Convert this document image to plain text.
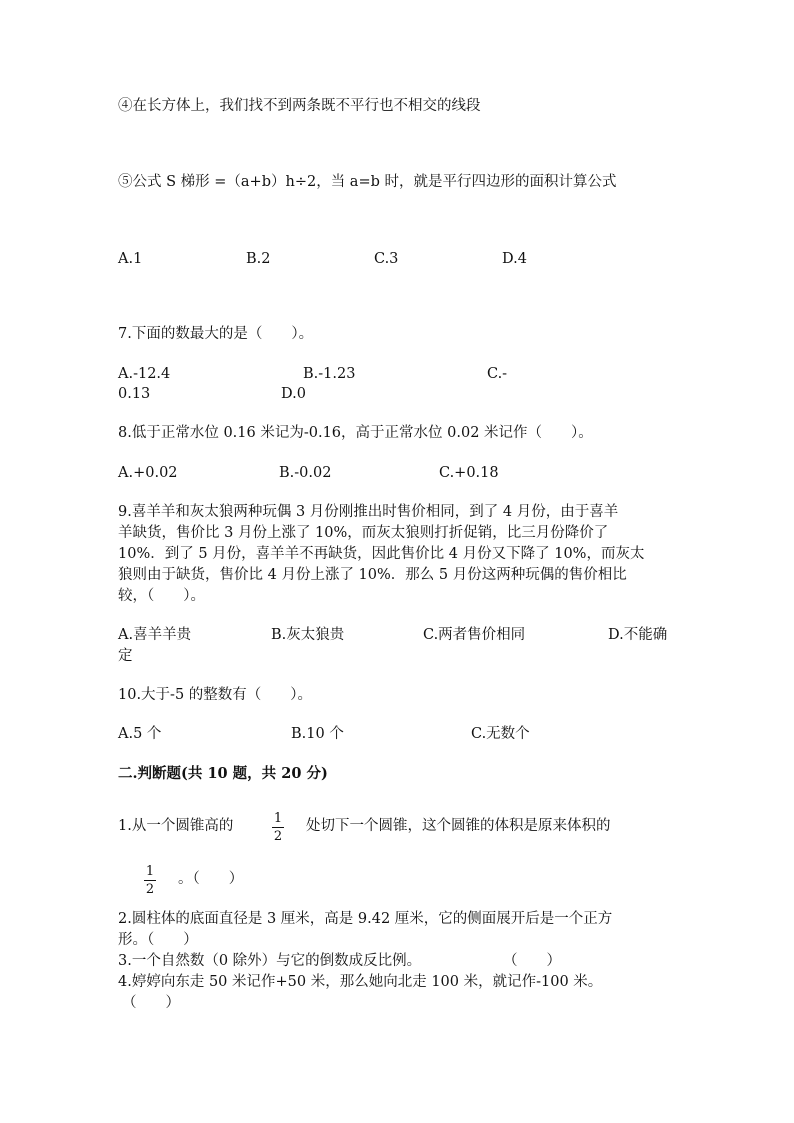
④在长方体上，我们找不到两条既不平行也不相交的线段
⑤公式 S 梯形 =（a+b）h÷2，当 a=b 时，就是平行四边形的面积计算公式
A.1	B.2	C.3	D.4
7.下面的数最大的是（　　）。
A.-12.4	B.-1.23	C.-
0.13	D.0
8.低于正常水位 0.16 米记为-0.16，高于正常水位 0.02 米记作（　　）。
A.+0.02	B.-0.02	C.+0.18
9.喜羊羊和灰太狼两种玩偶 3 月份刚推出时售价相同，到了 4 月份，由于喜羊
羊缺货，售价比 3 月份上涨了 10%，而灰太狼则打折促销，比三月份降价了
10%．到了 5 月份，喜羊羊不再缺货，因此售价比 4 月份又下降了 10%，而灰太
狼则由于缺货，售价比 4 月份上涨了 10%．那么 5 月份这两种玩偶的售价相比
较，（　　）。
A.喜羊羊贵	B.灰太狼贵	C.两者售价相同	D.不能确
定
10.大于-5 的整数有（　　）。
A.5 个	B.10 个	C.无数个
二.判断题(共 10 题，共 20 分)
1.从一个圆锥高的	1
2
处切下一个圆锥，这个圆锥的体积是原来体积的
1
2
。（　　）
2.圆柱体的底面直径是 3 厘米，高是 9.42 厘米，它的侧面展开后是一个正方
形。（　　）
3.一个自然数（0 除外）与它的倒数成反比例。	（　　）
4.婷婷向东走 50 米记作+50 米，那么她向北走 100 米，就记作-100 米。
（　　）
